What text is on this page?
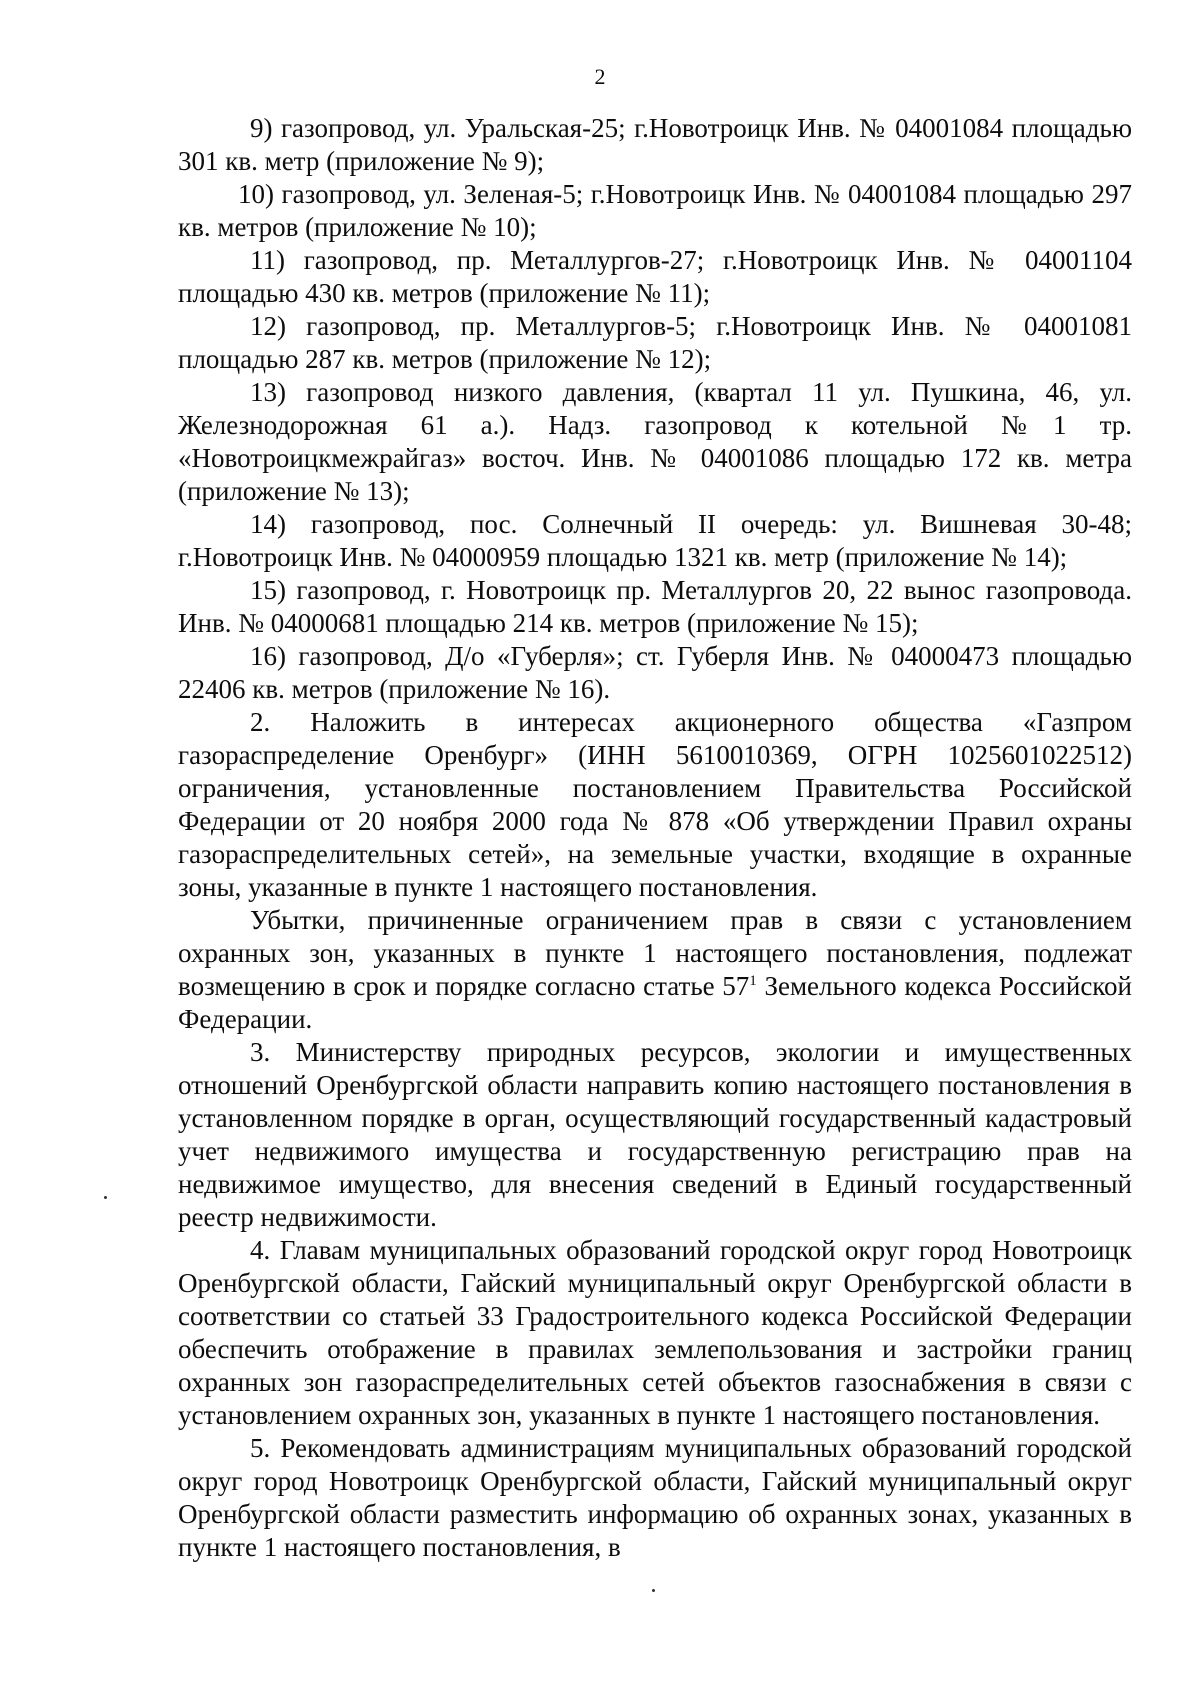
2

9) газопровод, ул. Уральская-25; г.Новотроицк Инв. № 04001084 площадью 301 кв. метр (приложение № 9);

10) газопровод, ул. Зеленая-5; г.Новотроицк Инв. № 04001084 площадью 297 кв. метров (приложение № 10);

11) газопровод, пр. Металлургов-27; г.Новотроицк Инв. № 04001104 площадью 430 кв. метров (приложение № 11);

12) газопровод, пр. Металлургов-5; г.Новотроицк Инв. № 04001081 площадью 287 кв. метров (приложение № 12);

13) газопровод низкого давления, (квартал 11 ул. Пушкина, 46, ул. Железнодорожная 61 а.). Надз. газопровод к котельной №1 тр. «Новотроицкмежрайгаз» восточ. Инв. № 04001086 площадью 172 кв. метра (приложение № 13);

14) газопровод, пос. Солнечный II очередь: ул. Вишневая 30-48; г.Новотроицк Инв. № 04000959 площадью 1321 кв. метр (приложение № 14);

15) газопровод, г. Новотроицк пр. Металлургов 20, 22 вынос газопровода. Инв. № 04000681 площадью 214 кв. метров (приложение № 15);

16) газопровод, Д/о «Губерля»; ст. Губерля Инв. № 04000473 площадью 22406 кв. метров (приложение № 16).

2. Наложить в интересах акционерного общества «Газпром газораспределение Оренбург» (ИНН 5610010369, ОГРН 1025601022512) ограничения, установленные постановлением Правительства Российской Федерации от 20 ноября 2000 года № 878 «Об утверждении Правил охраны газораспределительных сетей», на земельные участки, входящие в охранные зоны, указанные в пункте 1 настоящего постановления.

Убытки, причиненные ограничением прав в связи с установлением охранных зон, указанных в пункте 1 настоящего постановления, подлежат возмещению в срок и порядке согласно статье $57^1$ Земельного кодекса Российской Федерации.

3. Министерству природных ресурсов, экологии и имущественных отношений Оренбургской области направить копию настоящего постановления в установленном порядке в орган, осуществляющий государственный кадастровый учет недвижимого имущества и государственную регистрацию прав на недвижимое имущество, для внесения сведений в Единый государственный реестр недвижимости.

4. Главам муниципальных образований городской округ город Новотроицк Оренбургской области, Гайский муниципальный округ Оренбургской области в соответствии со статьей 33 Градостроительного кодекса Российской Федерации обеспечить отображение в правилах землепользования и застройки границ охранных зон газораспределительных сетей объектов газоснабжения в связи с установлением охранных зон, указанных в пункте 1 настоящего постановления.

5. Рекомендовать администрациям муниципальных образований городской округ город Новотроицк Оренбургской области, Гайский муниципальный округ Оренбургской области разместить информацию об охранных зонах, указанных в пункте 1 настоящего постановления, в
